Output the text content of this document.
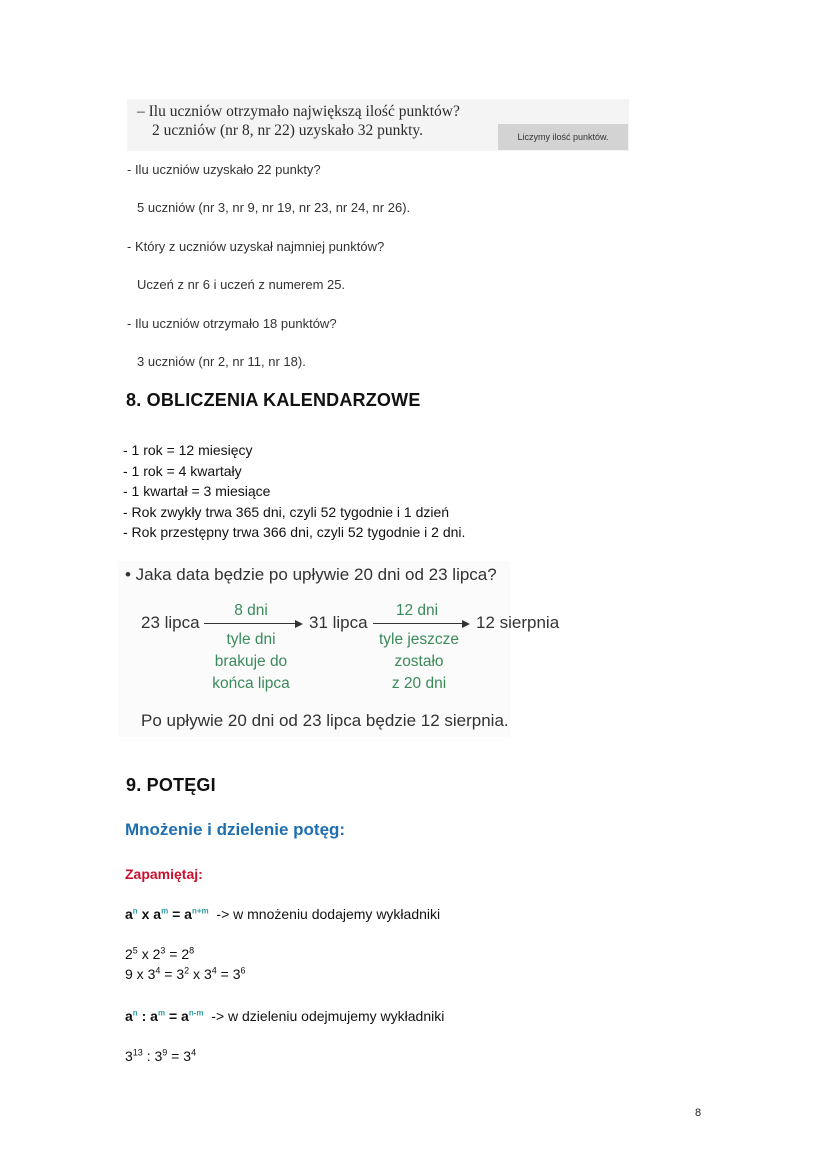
– Ilu uczniów otrzymało największą ilość punktów?
2 uczniów (nr 8, nr 22) uzyskało 32 punkty.	Liczymy ilość punktów.
- Ilu uczniów uzyskało 22 punkty?
5 uczniów (nr 3, nr 9, nr 19, nr 23, nr 24, nr 26).
- Który z uczniów uzyskał najmniej punktów?
Uczeń z nr 6 i uczeń z numerem 25.
- Ilu uczniów otrzymało 18 punktów?
3 uczniów (nr 2, nr 11, nr 18).
8. OBLICZENIA KALENDARZOWE
- 1 rok = 12 miesięcy
- 1 rok = 4 kwartały
- 1 kwartał = 3 miesiące
- Rok zwykły trwa 365 dni, czyli 52 tygodnie i 1 dzień
- Rok przestępny trwa 366 dni, czyli 52 tygodnie i 2 dni.
• Jaka data będzie po upływie 20 dni od 23 lipca?
23 lipca
8 dni
tyle dni
brakuje do
końca lipca
31 lipca
12 dni
tyle jeszcze
zostało
z 20 dni
12 sierpnia
Po upływie 20 dni od 23 lipca będzie 12 sierpnia.
9. POTĘGI
Mnożenie i dzielenie potęg:
Zapamiętaj:
$a^n$ x $a^m = a^{n+m} -> w$ mnożeniu dodajemy wykładniki
$2^5$ x $2^3 = 2^8$
9 x $3^4 = 3^2$ x $3^4 = 3^6$
$a^n$ : $a^m = a^{n-m} -> w$ dzieleniu odejmujemy wykładniki
$3^{13}$ : $3^9 = 3^4$
8
